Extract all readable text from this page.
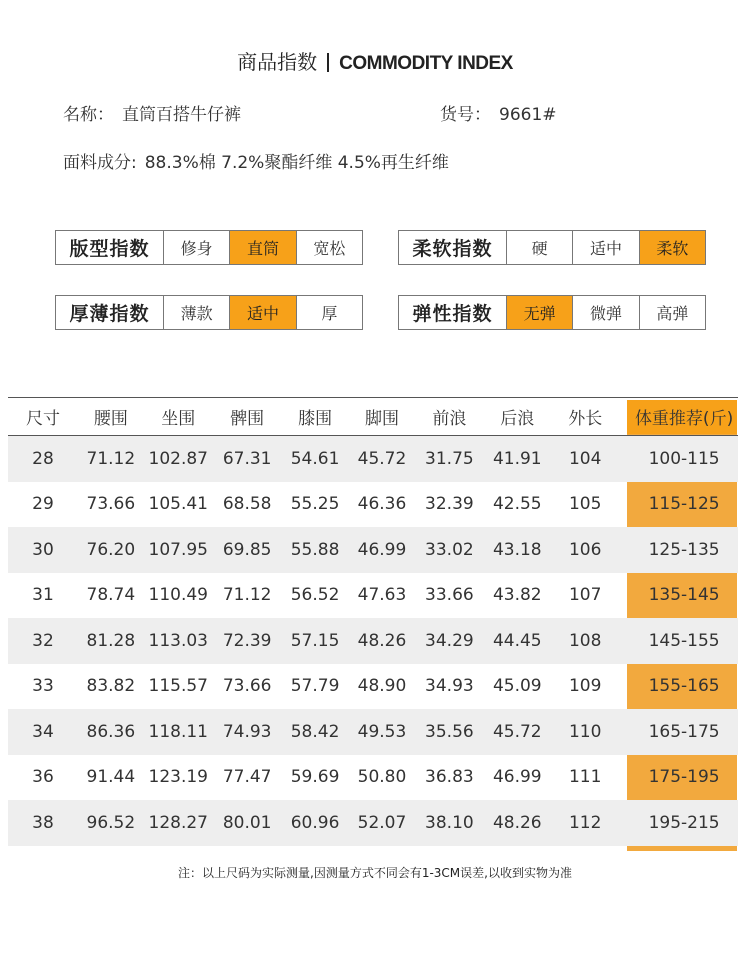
商品指数 COMMODITY INDEX
名称： 直筒百搭牛仔裤	货号： 9661#
面料成分: 88.3%棉 7.2%聚酯纤维 4.5%再生纤维
版型指数	修身	直筒	宽松	柔软指数	硬	适中	柔软
厚薄指数	薄款	适中	厚	弹性指数	无弹	微弹	高弹
尺寸	腰围	坐围	髀围	膝围	脚围	前浪	后浪	外长	体重推荐(斤)
28	71.12 102.87 67.31	54.61	45.72	31.75	41.91	104	100-115
29	73.66 105.41 68.58	55.25	46.36	32.39	42.55	105	115-125
30	76.20 107.95 69.85	55.88	46.99	33.02	43.18	106	125-135
31	78.74 110.49 71.12	56.52	47.63	33.66	43.82	107	135-145
32	81.28 113.03 72.39	57.15	48.26	34.29	44.45	108	145-155
33	83.82 115.57 73.66	57.79	48.90	34.93	45.09	109	155-165
34	86.36 118.11 74.93	58.42	49.53	35.56	45.72	110	165-175
36	91.44 123.19 77.47	59.69	50.80	36.83	46.99	111	175-195
38	96.52 128.27 80.01	60.96	52.07	38.10	48.26	112	195-215
注：以上尺码为实际测量,因测量方式不同会有1-3CM误差,以收到实物为准
